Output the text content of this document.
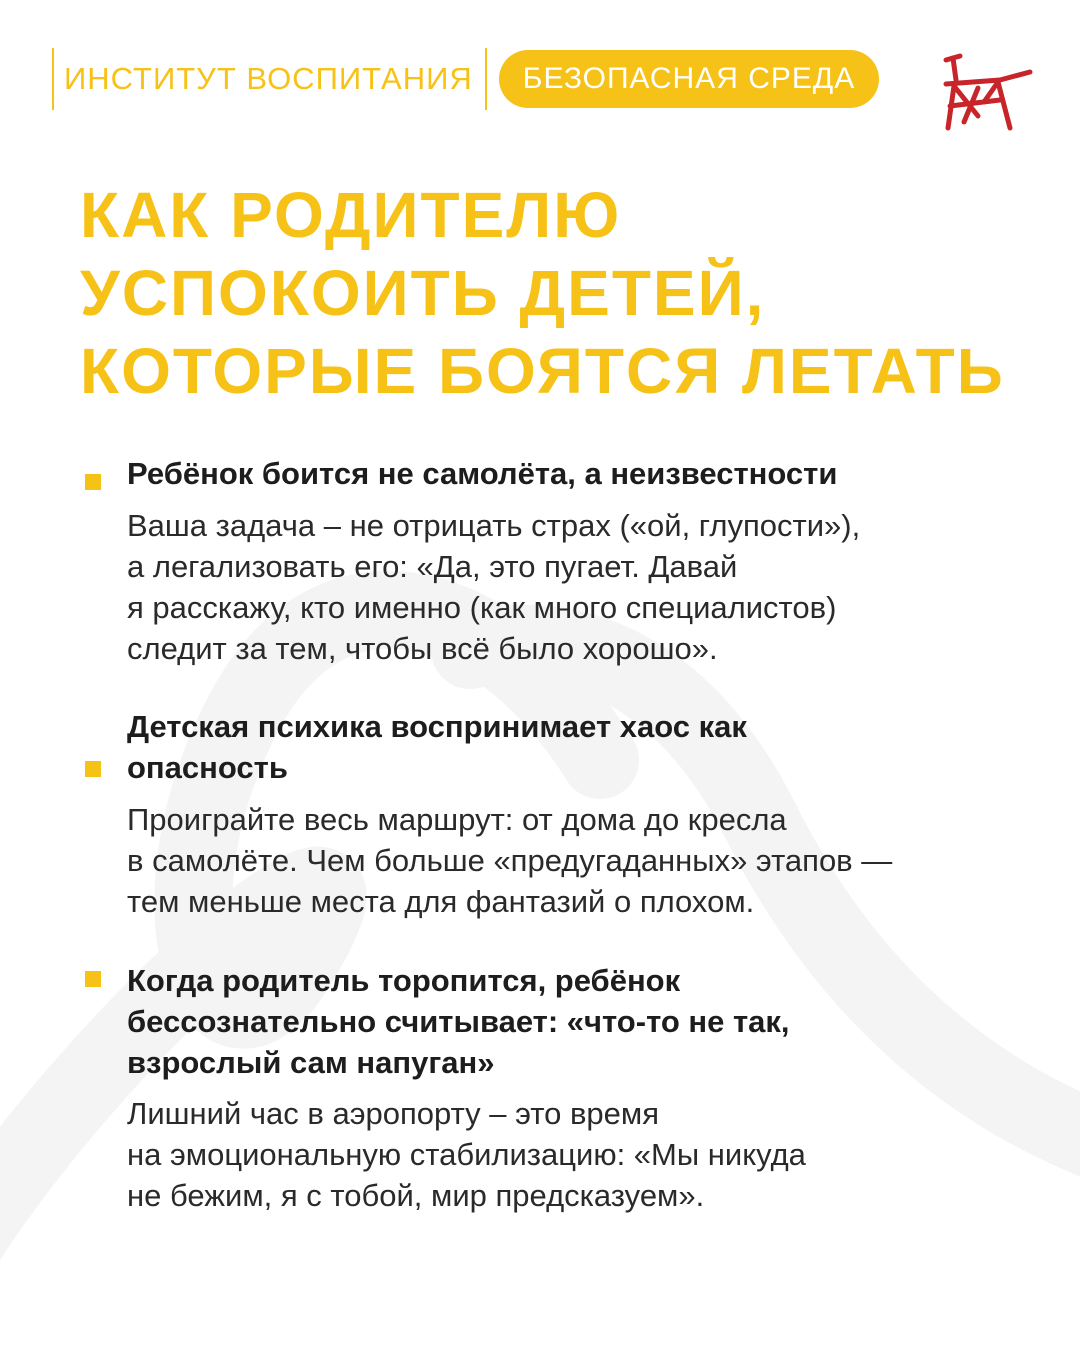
ИНСТИТУТ ВОСПИТАНИЯ	БЕЗОПАСНАЯ СРЕДА
КАК РОДИТЕЛЮ
УСПОКОИТЬ ДЕТЕЙ,
КОТОРЫЕ БОЯТСЯ ЛЕТАТЬ
Ребёнок боится не самолёта, а неизвестности
Ваша задача – не отрицать страх («ой, глупости»),
а легализовать его: «Да, это пугает. Давай
я расскажу, кто именно (как много специалистов)
следит за тем, чтобы всё было хорошо».
Детская психика воспринимает хаос как
опасность
Проиграйте весь маршрут: от дома до кресла
в самолёте. Чем больше «предугаданных» этапов —
тем меньше места для фантазий о плохом.
Когда родитель торопится, ребёнок
бессознательно считывает: «что-то не так,
взрослый сам напуган»
Лишний час в аэропорту – это время
на эмоциональную стабилизацию: «Мы никуда
не бежим, я с тобой, мир предсказуем».
